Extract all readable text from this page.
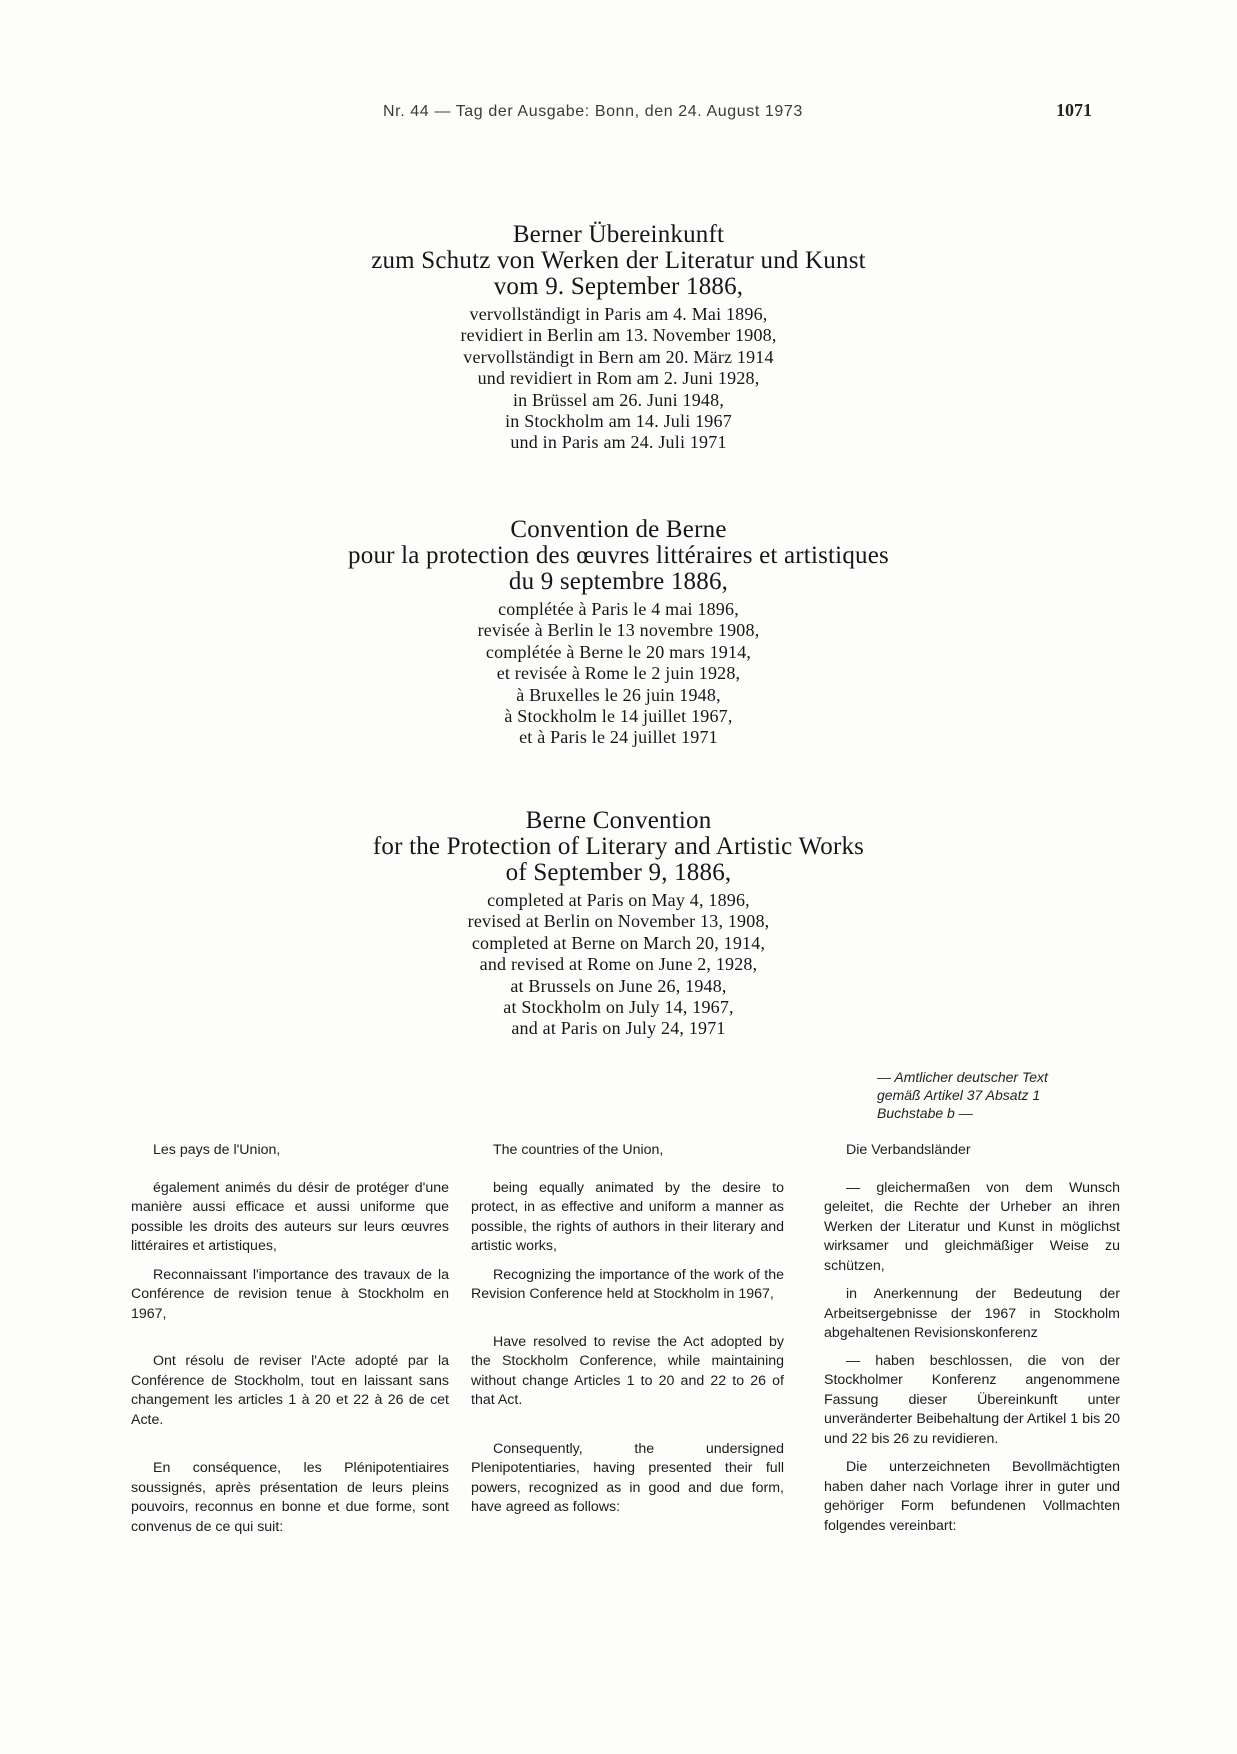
Nr. 44 — Tag der Ausgabe: Bonn, den 24. August 1973	1071
Berner Übereinkunft
zum Schutz von Werken der Literatur und Kunst
vom 9. September 1886,
vervollständigt in Paris am 4. Mai 1896,
revidiert in Berlin am 13. November 1908,
vervollständigt in Bern am 20. März 1914
und revidiert in Rom am 2. Juni 1928,
in Brüssel am 26. Juni 1948,
in Stockholm am 14. Juli 1967
und in Paris am 24. Juli 1971
Convention de Berne
pour la protection des œuvres littéraires et artistiques
du 9 septembre 1886,
complétée à Paris le 4 mai 1896,
revisée à Berlin le 13 novembre 1908,
complétée à Berne le 20 mars 1914,
et revisée à Rome le 2 juin 1928,
à Bruxelles le 26 juin 1948,
à Stockholm le 14 juillet 1967,
et à Paris le 24 juillet 1971
Berne Convention
for the Protection of Literary and Artistic Works
of September 9, 1886,
completed at Paris on May 4, 1896,
revised at Berlin on November 13, 1908,
completed at Berne on March 20, 1914,
and revised at Rome on June 2, 1928,
at Brussels on June 26, 1948,
at Stockholm on July 14, 1967,
and at Paris on July 24, 1971
— Amtlicher deutscher Text
gemäß Artikel 37 Absatz 1
Buchstabe b —

Les pays de l'Union,

également animés du désir de protéger d'une manière aussi efficace et aussi uniforme que possible les droits des auteurs sur leurs œuvres littéraires et artistiques,

Reconnaissant l'importance des travaux de la Conférence de revision tenue à Stockholm en 1967,

Ont résolu de reviser l'Acte adopté par la Conférence de Stockholm, tout en laissant sans changement les articles 1 à 20 et 22 à 26 de cet Acte.

En conséquence, les Plénipotentiaires soussignés, après présentation de leurs pleins pouvoirs, reconnus en bonne et due forme, sont convenus de ce qui suit:

The countries of the Union,

being equally animated by the desire to protect, in as effective and uniform a manner as possible, the rights of authors in their literary and artistic works,

Recognizing the importance of the work of the Revision Conference held at Stockholm in 1967,

Have resolved to revise the Act adopted by the Stockholm Conference, while maintaining without change Articles 1 to 20 and 22 to 26 of that Act.

Consequently, the undersigned Plenipotentiaries, having presented their full powers, recognized as in good and due form, have agreed as follows:

Die Verbandsländer

— gleichermaßen von dem Wunsch geleitet, die Rechte der Urheber an ihren Werken der Literatur und Kunst in möglichst wirksamer und gleichmäßiger Weise zu schützen,

in Anerkennung der Bedeutung der Arbeitsergebnisse der 1967 in Stockholm abgehaltenen Revisionskonferenz

— haben beschlossen, die von der Stockholmer Konferenz angenommene Fassung dieser Übereinkunft unter unveränderter Beibehaltung der Artikel 1 bis 20 und 22 bis 26 zu revidieren.

Die unterzeichneten Bevollmächtigten haben daher nach Vorlage ihrer in guter und gehöriger Form befundenen Vollmachten folgendes vereinbart:
